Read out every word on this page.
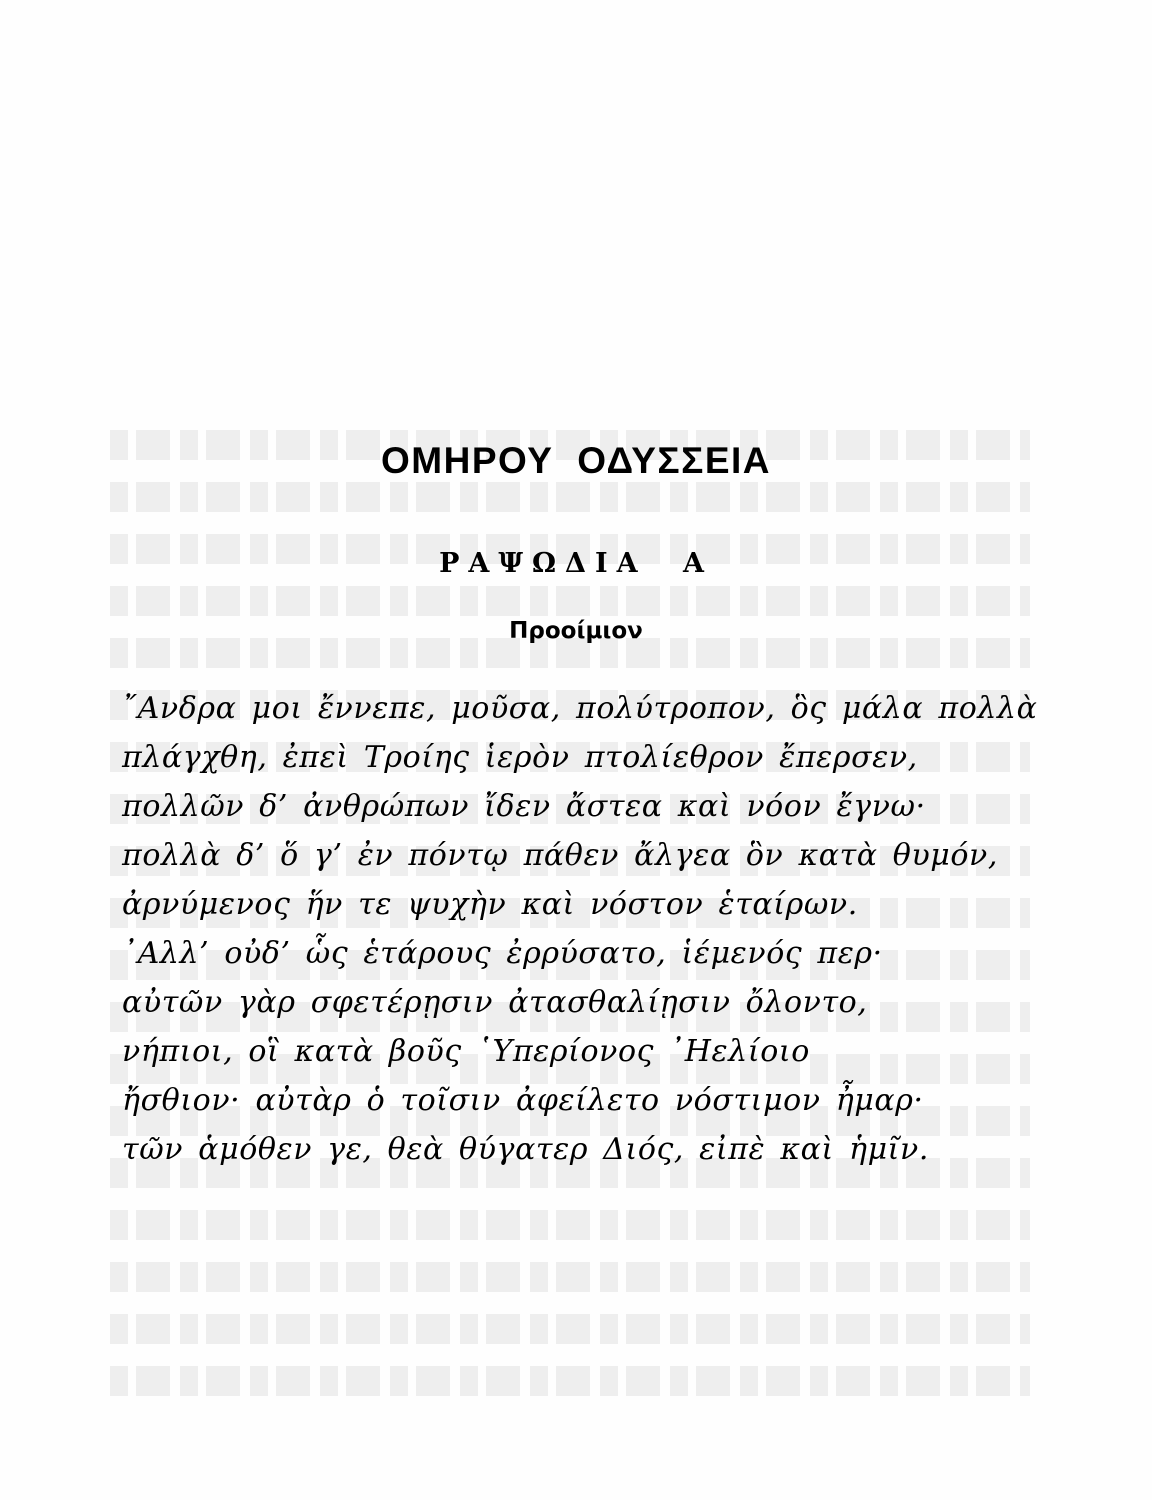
ΟΜΗΡΟΥ ΟΔΥΣΣΕΙΑ
ΡΑΨΩΔΙΑ Α
Προοίμιον
῎Ανδρα μοι ἔννεπε, μοῦσα, πολύτροπον, ὃς μάλα πολλὰ
πλάγχθη, ἐπεὶ Τροίης ἱερὸν πτολίεθρον ἔπερσεν,
πολλῶν δ’ ἀνθρώπων ἴδεν ἄστεα καὶ νόον ἔγνω·
πολλὰ δ’ ὅ γ’ ἐν πόντῳ πάθεν ἄλγεα ὃν κατὰ θυμόν,
ἀρνύμενος ἥν τε ψυχὴν καὶ νόστον ἑταίρων.
᾿Αλλ’ οὐδ’ ὧς ἑτάρους ἐρρύσατο, ἱέμενός περ·
αὐτῶν γὰρ σφετέρῃσιν ἀτασθαλίῃσιν ὄλοντο,
νήπιοι, οἳ κατὰ βοῦς ῾Υπερίονος ᾿Ηελίοιο
ἤσθιον· αὐτὰρ ὁ τοῖσιν ἀφείλετο νόστιμον ἦμαρ·
τῶν ἁμόθεν γε, θεὰ θύγατερ Διός, εἰπὲ καὶ ἡμῖν.
